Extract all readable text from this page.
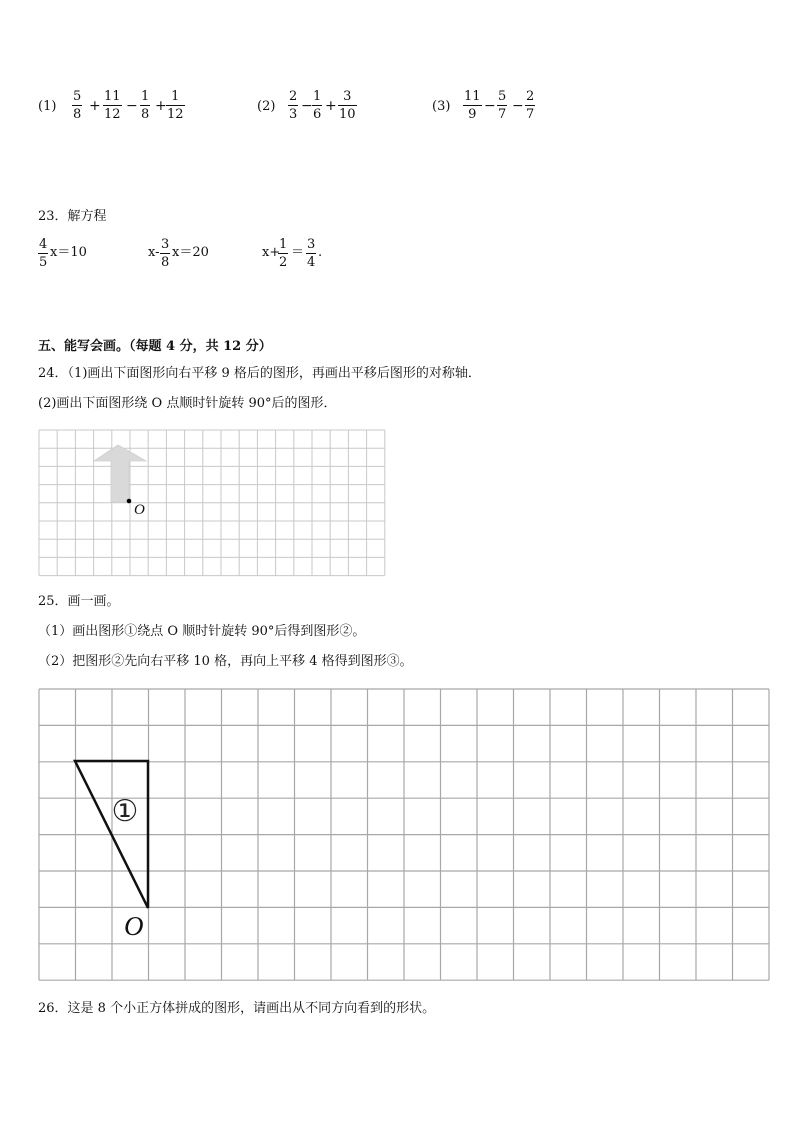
(1)
5
8
+
11
12
−
1
8
+
1
12
(2)
2
3
−
1
6
+
3
10
(3)
11
9
−
5
7
−
2
7
23．解方程
4
5
x＝10	x-
3
8
x＝20	x+
1
2
＝
3
4
.
五、能写会画。（每题 4 分，共 12 分）
24．（1)画出下面图形向右平移 9 格后的图形，再画出平移后图形的对称轴．
(2)画出下面图形绕 O 点顺时针旋转 90°后的图形．
O
25．画一画。
（1）画出图形①绕点 O 顺时针旋转 90°后得到图形②。
（2）把图形②先向右平移 10 格，再向上平移 4 格得到图形③。
①
O
26．这是 8 个小正方体拼成的图形，请画出从不同方向看到的形状。
